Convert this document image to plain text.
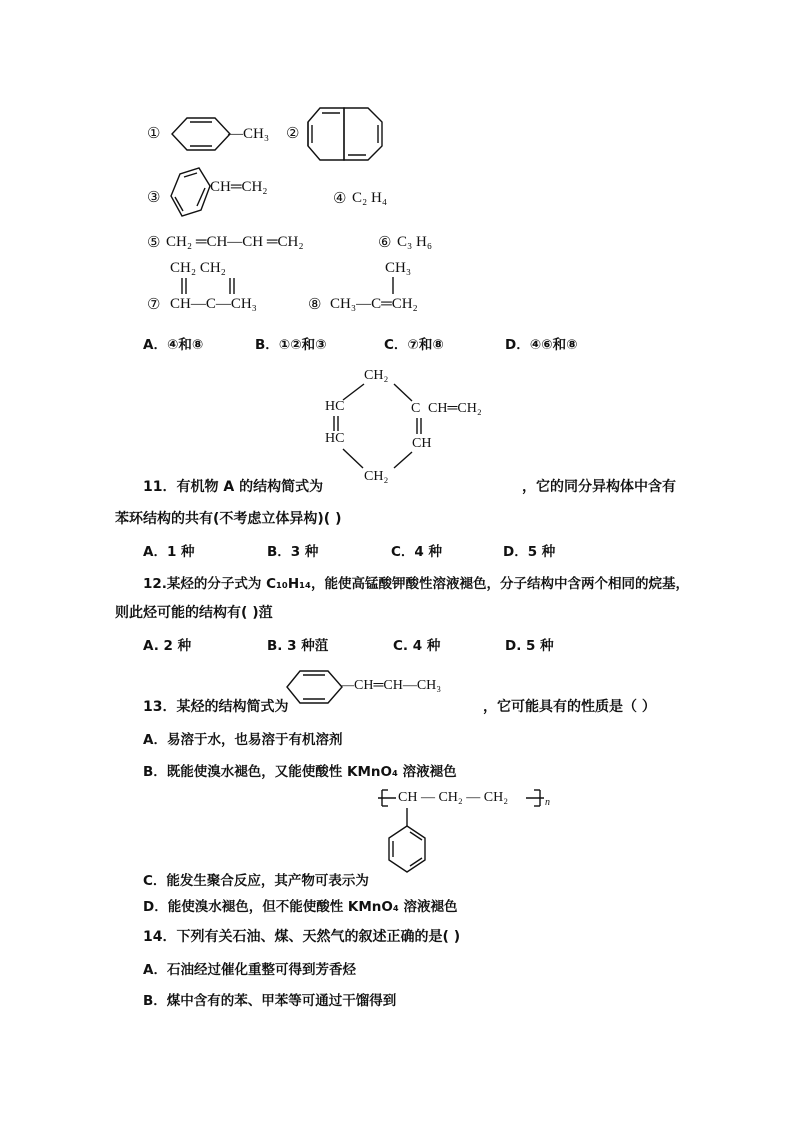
①	—CH₃ ②
③
CH═CH₂
④ C₂ H₄
⑤ CH₂ ═CH—CH ═CH₂	⑥ C₃ H₆
CH₂ CH₂
⑦ CH—C—CH₃
CH₃
⑧ CH₃—C═CH₂
A．④和⑧	B．①②和③	C．⑦和⑧	D．④⑥和⑧
CH₂
HC
HC
C CH═CH₂
CH
CH₂
11．有机物 A 的结构简式为	，它的同分异构体中含有
苯环结构的共有(不考虑立体异构)( )
A．1 种	B．3 种	C．4 种	D．5 种
12.某烃的分子式为 C₁₀H₁₄，能使高锰酸钾酸性溶液褪色，分子结构中含两个相同的烷基，
则此烃可能的结构有( )菹
A. 2 种	B. 3 种菹	C. 4 种	D. 5 种
—CH═CH—CH₃
13．某烃的结构简式为	，它可能具有的性质是（ ）
A．易溶于水，也易溶于有机溶剂
B．既能使溴水褪色，又能使酸性 KMnO₄ 溶液褪色
CH — CH₂ — CH₂	n
C．能发生聚合反应，其产物可表示为
D．能使溴水褪色，但不能使酸性 KMnO₄ 溶液褪色
14．下列有关石油、煤、天然气的叙述正确的是( )
A．石油经过催化重整可得到芳香烃
B．煤中含有的苯、甲苯等可通过干馏得到
